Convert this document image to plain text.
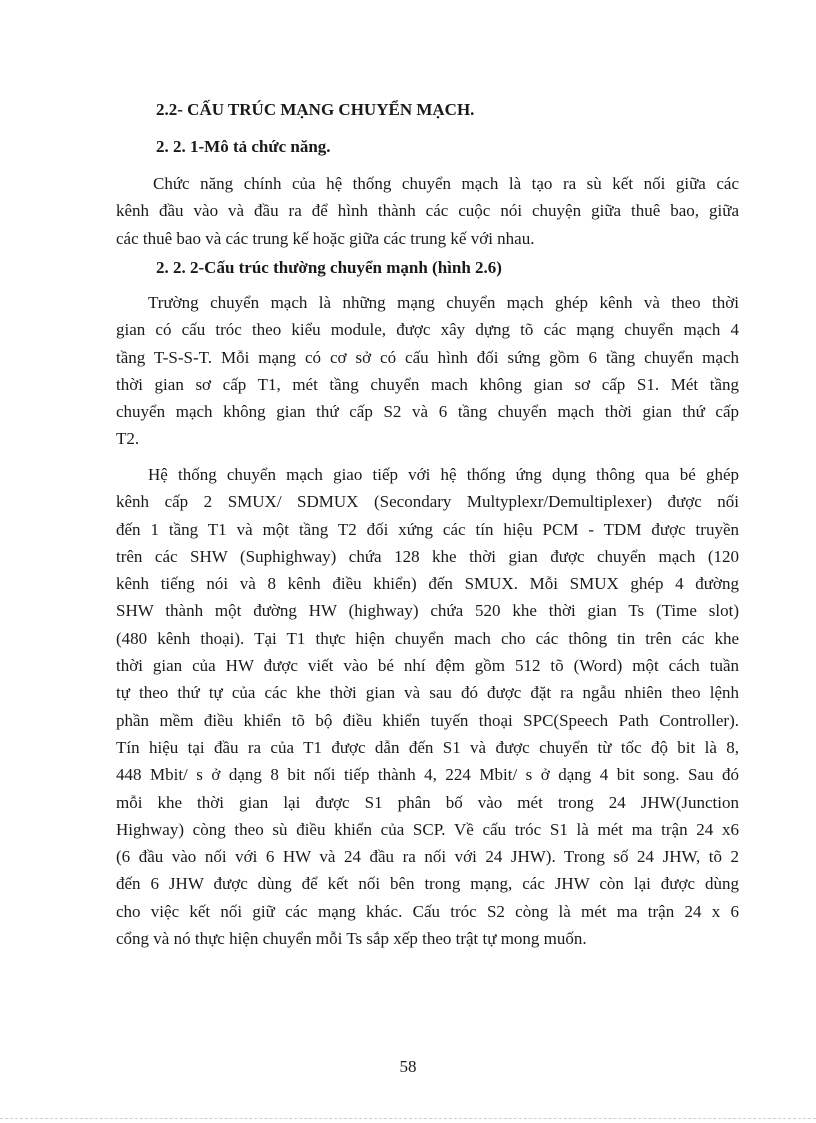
2.2- CẤU TRÚC MẠNG CHUYỂN MẠCH.
2. 2. 1-Mô tả chức năng.
Chức năng chính của hệ thống chuyển mạch là tạo ra sù kết nối giữa các
kênh đầu vào và đầu ra để hình thành các cuộc nói chuyện giữa thuê bao, giữa
các thuê bao và các trung kế hoặc giữa các trung kế với nhau.
2. 2. 2-Cấu trúc thường chuyển mạnh (hình 2.6)
Trường chuyển mạch là những mạng chuyển mạch ghép kênh và theo thời
gian có cấu tróc theo kiểu module, được xây dựng tõ các mạng chuyển mạch 4
tầng T-S-S-T. Mỗi mạng có cơ sở có cấu hình đối sứng gồm 6 tầng chuyển mạch
thời gian sơ cấp T1, mét tầng chuyển mach không gian sơ cấp S1. Mét tầng
chuyển mạch không gian thứ cấp S2 và 6 tầng chuyển mạch thời gian thứ cấp
T2.
Hệ thống chuyển mạch giao tiếp với hệ thống ứng dụng thông qua bé ghép
kênh cấp 2 SMUX/ SDMUX (Secondary Multyplexr/Demultiplexer) được nối
đến 1 tầng T1 và một tầng T2 đối xứng các tín hiệu PCM - TDM được truyền
trên các SHW (Suphighway) chứa 128 khe thời gian được chuyển mạch (120
kênh tiếng nói và 8 kênh điều khiển) đến SMUX. Mỗi SMUX ghép 4 đường
SHW thành một đường HW (highway) chứa 520 khe thời gian Ts (Time slot)
(480 kênh thoại). Tại T1 thực hiện chuyển mach cho các thông tin trên các khe
thời gian của HW được viết vào bé nhí đệm gồm 512 tõ (Word) một cách tuần
tự theo thứ tự của các khe thời gian và sau đó được đặt ra ngẫu nhiên theo lệnh
phần mềm điều khiển tõ bộ điều khiển tuyến thoại SPC(Speech Path Controller).
Tín hiệu tại đầu ra của T1 được dẫn đến S1 và được chuyển từ tốc độ bit là 8,
448 Mbit/ s ở dạng 8 bit nối tiếp thành 4, 224 Mbit/ s ở dạng 4 bit song. Sau đó
mỗi khe thời gian lại được S1 phân bố vào mét trong 24 JHW(Junction
Highway) còng theo sù điều khiển của SCP. Về cấu tróc S1 là mét ma trận 24 x6
(6 đầu vào nối với 6 HW và 24 đầu ra nối với 24 JHW). Trong số 24 JHW, tõ 2
đến 6 JHW được dùng để kết nối bên trong mạng, các JHW còn lại được dùng
cho việc kết nối giữ các mạng khác. Cấu tróc S2 còng là mét ma trận 24 x 6
cổng và nó thực hiện chuyển mỗi Ts sắp xếp theo trật tự mong muốn.
58
